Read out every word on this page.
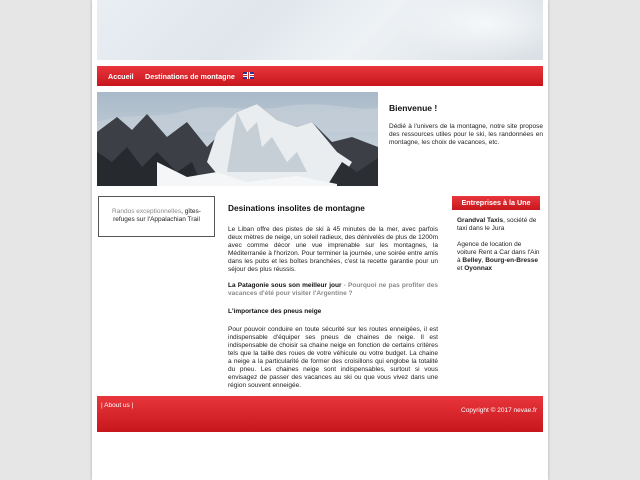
Accueil Destinations de montagne
Bienvenue !

Dédié à l'univers de la montagne, notre site propose des ressources utiles pour le ski, les randonnées en montagne, les choix de vacances, etc.

Randos exceptionnelles, gîtes-refuges sur l'Appalachian Trail
Desinations insolites de montagne

Le Liban offre des pistes de ski à 45 minutes de la mer, avec parfois deux mètres de neige, un soleil radieux, des dénivelés de plus de 1200m avec comme décor une vue imprenable sur les montagnes, la Méditerranée à l'horizon. Pour terminer la journée, une soirée entre amis dans les pubs et les boîtes branchées, c'est la recette garantie pour un séjour des plus réussis.

La Patagonie sous son meilleur jour - Pourquoi ne pas profiter des vacances d'été pour visiter l'Argentine ?

L'importance des pneus neige

Pour pouvoir conduire en toute sécurité sur les routes enneigées, il est indispensable d'équiper ses pneus de chaines de neige. Il est indispensable de choisir sa chaine neige en fonction de certains critères tels que la taille des roues de votre véhicule ou votre budget. La chaine a neige a la particularité de former des croisillons qui englobe la totalité du pneu. Les chaines neige sont indispensables, surtout si vous envisagez de passer des vacances au ski ou que vous vivez dans une région souvent enneigée.

Entreprises à la Une

Grandval Taxis, société de taxi dans le Jura

Agence de location de voiture Rent a Car dans l'Ain à Belley, Bourg-en-Bresse et Oyonnax

| About us |
Copyright © 2017 nevae.fr
